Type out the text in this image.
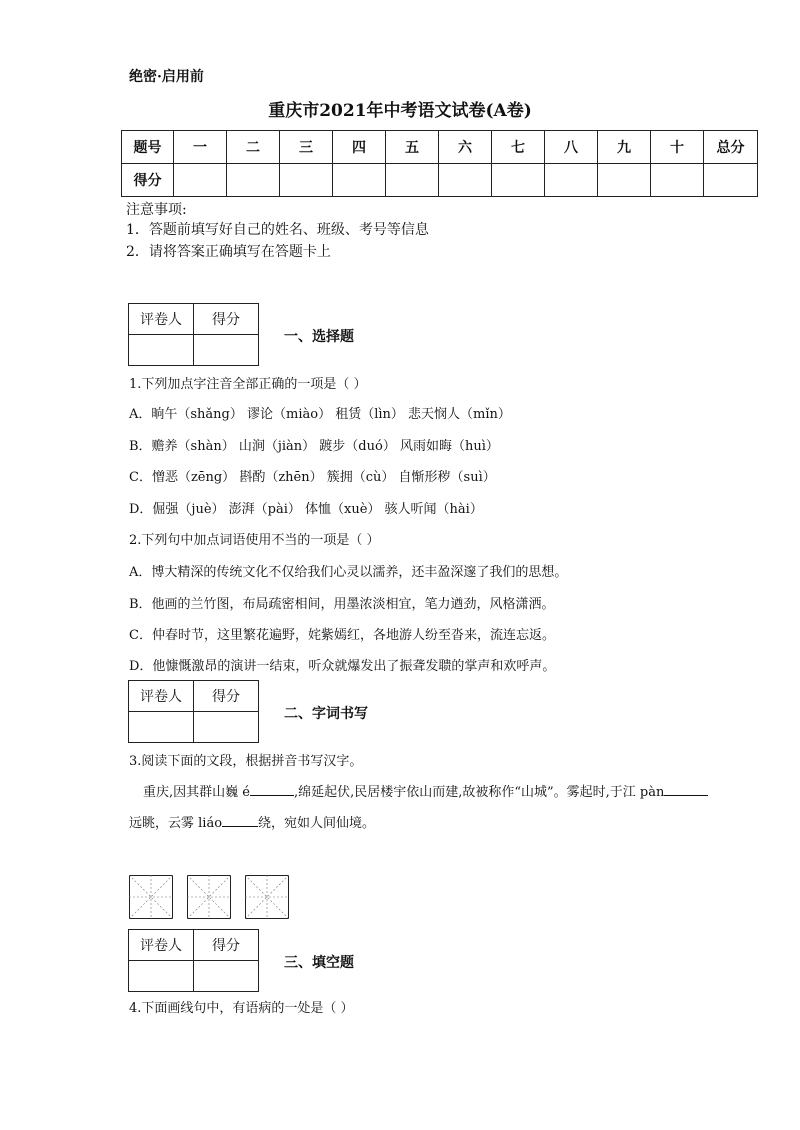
绝密·启用前
重庆市2021年中考语文试卷(A卷)
题号	一	二	三	四	五	六	七	八	九	十	总分
得分											
注意事项:
1．答题前填写好自己的姓名、班级、考号等信息
2．请将答案正确填写在答题卡上
评卷人	得分

一、选择题
1.下列加点字注音全部正确的一项是（ ）
A．晌午（shǎng） 谬论（miào） 租赁（lìn） 悲天悯人（mǐn）
B．赡养（shàn） 山涧（jiàn） 踱步（duó） 风雨如晦（huì）
C．憎恶（zēng） 斟酌（zhēn） 簇拥（cù） 自惭形秽（suì）
D．倔强（juè） 澎湃（pài） 体恤（xuè） 骇人听闻（hài）
2.下列句中加点词语使用不当的一项是（ ）
A．博大精深的传统文化不仅给我们心灵以濡养，还丰盈深邃了我们的思想。
B．他画的兰竹图，布局疏密相间，用墨浓淡相宜，笔力遒劲，风格潇洒。
C．仲春时节，这里繁花遍野，姹紫嫣红，各地游人纷至沓来，流连忘返。
D．他慷慨激昂的演讲一结束，听众就爆发出了振聋发聩的掌声和欢呼声。
评卷人	得分

二、字词书写
3.阅读下面的文段，根据拼音书写汉字。
重庆,因其群山巍 é	,绵延起伏,民居楼宇依山而建,故被称作“山城”。雾起时,于江 pàn
远眺，云雾 liáo	绕，宛如人间仙境。
评卷人	得分

三、填空题
4.下面画线句中，有语病的一处是（ ）
